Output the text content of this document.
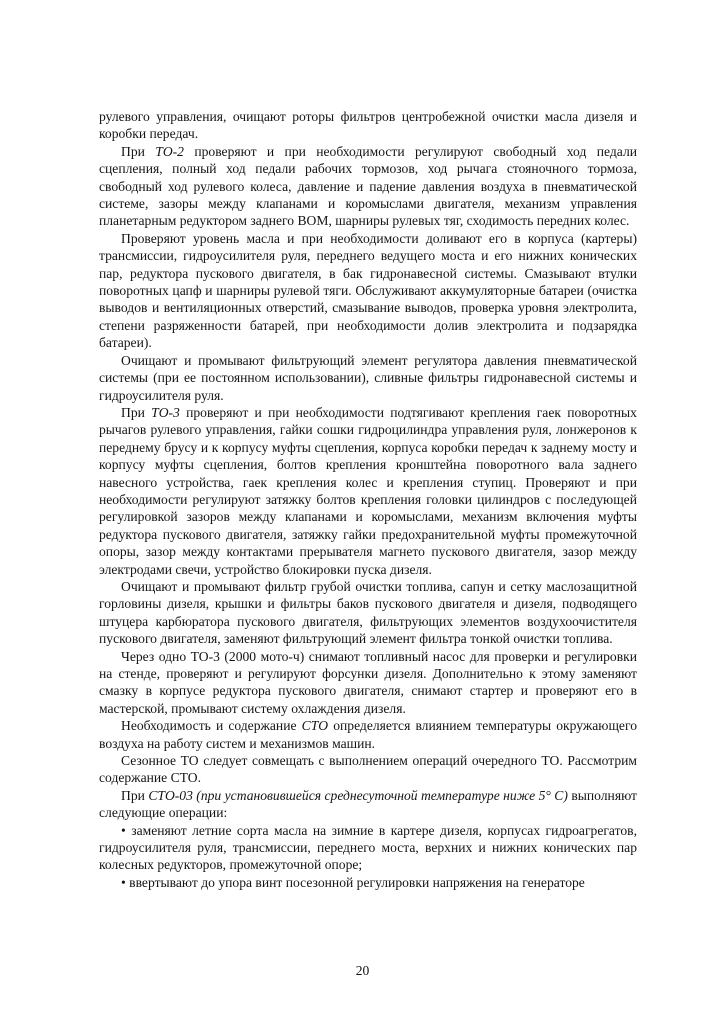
рулевого управления, очищают роторы фильтров центробежной очистки масла дизеля и коробки передач.

При ТО-2 проверяют и при необходимости регулируют свободный ход педали сцепления, полный ход педали рабочих тормозов, ход рычага стояночного тормоза, свободный ход рулевого колеса, давление и падение давления воздуха в пневматической системе, зазоры между клапанами и коромыслами двигателя, механизм управления планетарным редуктором заднего ВОМ, шарниры рулевых тяг, сходимость передних колес.

Проверяют уровень масла и при необходимости доливают его в корпуса (картеры) трансмиссии, гидроусилителя руля, переднего ведущего моста и его нижних конических пар, редуктора пускового двигателя, в бак гидронавесной системы. Смазывают втулки поворотных цапф и шарниры рулевой тяги. Обслуживают аккумуляторные батареи (очистка выводов и вентиляционных отверстий, смазывание выводов, проверка уровня электролита, степени разряженности батарей, при необходимости долив электролита и подзарядка батареи).

Очищают и промывают фильтрующий элемент регулятора давления пневматической системы (при ее постоянном использовании), сливные фильтры гидронавесной системы и гидроусилителя руля.

При ТО-3 проверяют и при необходимости подтягивают крепления гаек поворотных рычагов рулевого управления, гайки сошки гидроцилиндра управления руля, лонжеронов к переднему брусу и к корпусу муфты сцепления, корпуса коробки передач к заднему мосту и корпусу муфты сцепления, болтов крепления кронштейна поворотного вала заднего навесного устройства, гаек крепления колес и крепления ступиц. Проверяют и при необходимости регулируют затяжку болтов крепления головки цилиндров с последующей регулировкой зазоров между клапанами и коромыслами, механизм включения муфты редуктора пускового двигателя, затяжку гайки предохранительной муфты промежуточной опоры, зазор между контактами прерывателя магнето пускового двигателя, зазор между электродами свечи, устройство блокировки пуска дизеля.

Очищают и промывают фильтр грубой очистки топлива, сапун и сетку маслозащитной горловины дизеля, крышки и фильтры баков пускового двигателя и дизеля, подводящего штуцера карбюратора пускового двигателя, фильтрующих элементов воздухоочистителя пускового двигателя, заменяют фильтрующий элемент фильтра тонкой очистки топлива.

Через одно ТО-3 (2000 мото-ч) снимают топливный насос для проверки и регулировки на стенде, проверяют и регулируют форсунки дизеля. Дополнительно к этому заменяют смазку в корпусе редуктора пускового двигателя, снимают стартер и проверяют его в мастерской, промывают систему охлаждения дизеля.

Необходимость и содержание СТО определяется влиянием температуры окружающего воздуха на работу систем и механизмов машин.

Сезонное ТО следует совмещать с выполнением операций очередного ТО. Рассмотрим содержание СТО.

При СТО-03 (при установившейся среднесуточной температуре ниже 5° С) выполняют следующие операции:

• заменяют летние сорта масла на зимние в картере дизеля, корпусах гидроагрегатов, гидроусилителя руля, трансмиссии, переднего моста, верхних и нижних конических пар колесных редукторов, промежуточной опоре;

• ввертывают до упора винт посезонной регулировки напряжения на генераторе

20
